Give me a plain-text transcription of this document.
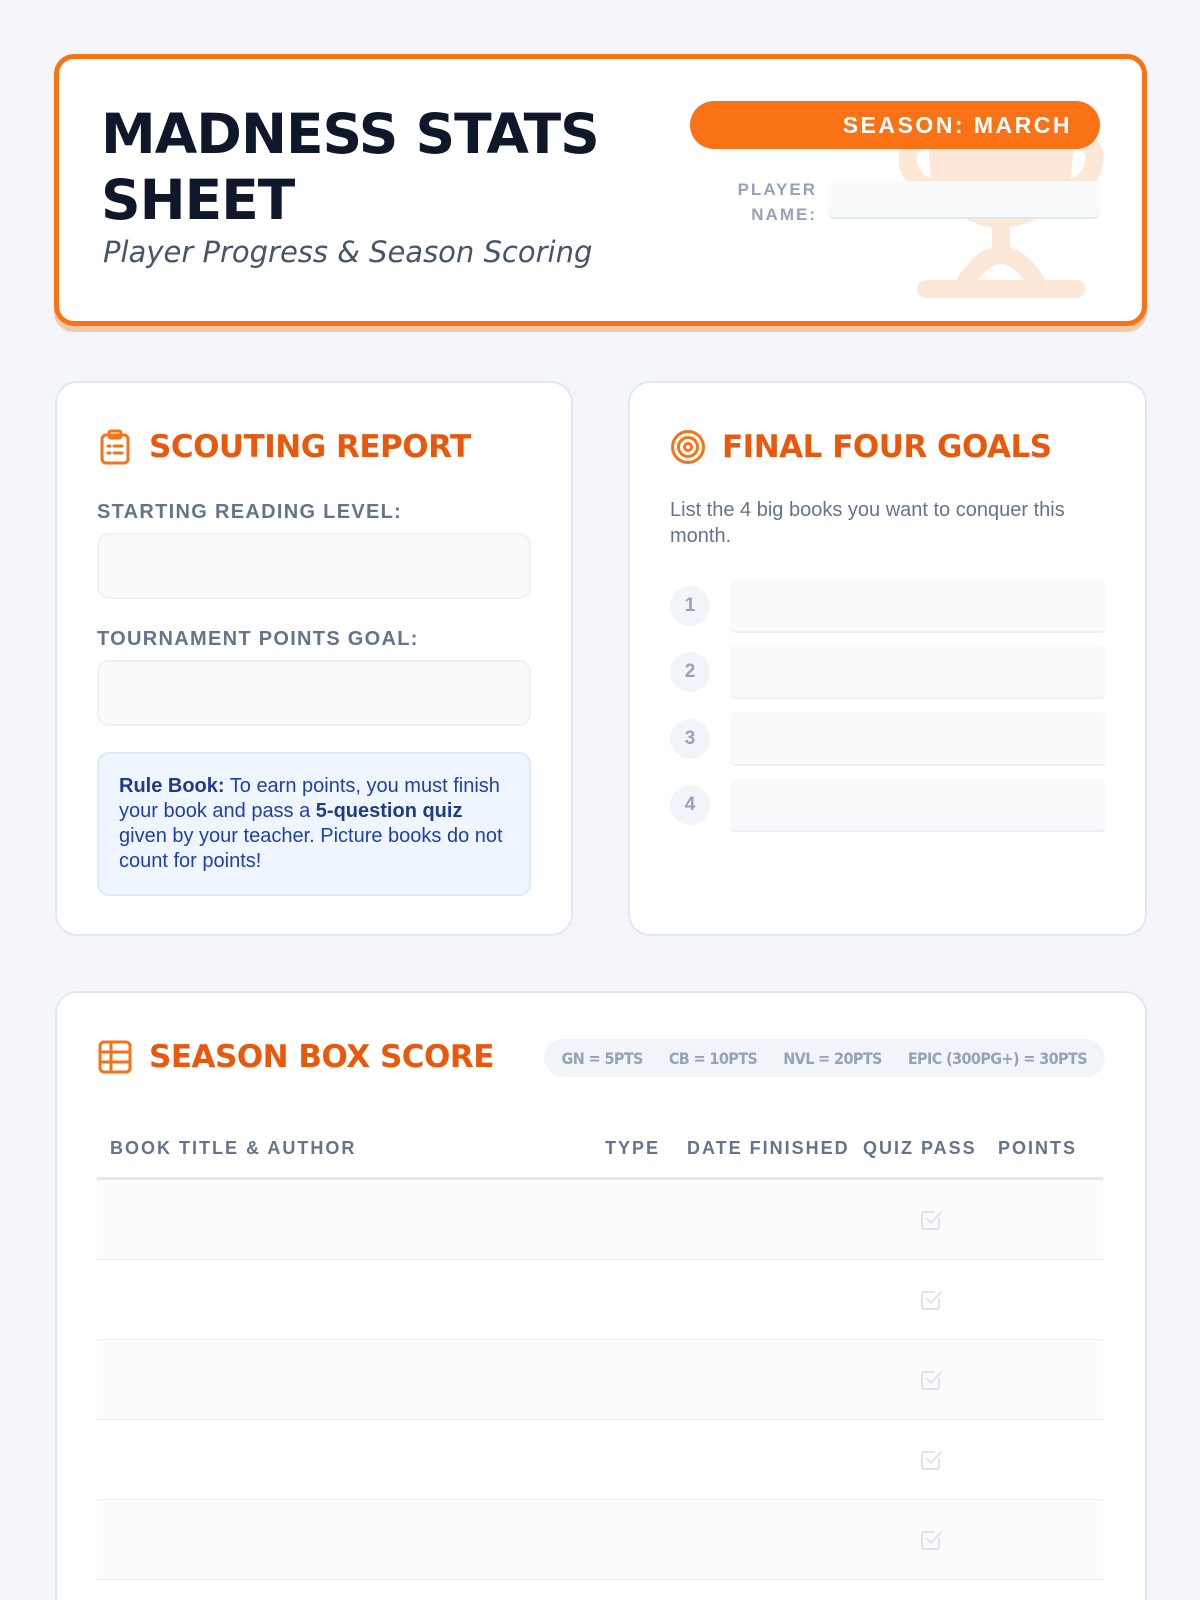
MADNESS STATS SHEET
Player Progress & Season Scoring
SEASON: MARCH
PLAYER NAME:
SCOUTING REPORT
STARTING READING LEVEL:
TOURNAMENT POINTS GOAL:
Rule Book: To earn points, you must finish your book and pass a 5-question quiz given by your teacher. Picture books do not count for points!
FINAL FOUR GOALS
List the 4 big books you want to conquer this month.
1
2
3
4
SEASON BOX SCORE	GN = 5PTS CB = 10PTS NVL = 20PTS EPIC (300PG+) = 30PTS
BOOK TITLE & AUTHOR	TYPE DATE FINISHED QUIZ PASS POINTS
